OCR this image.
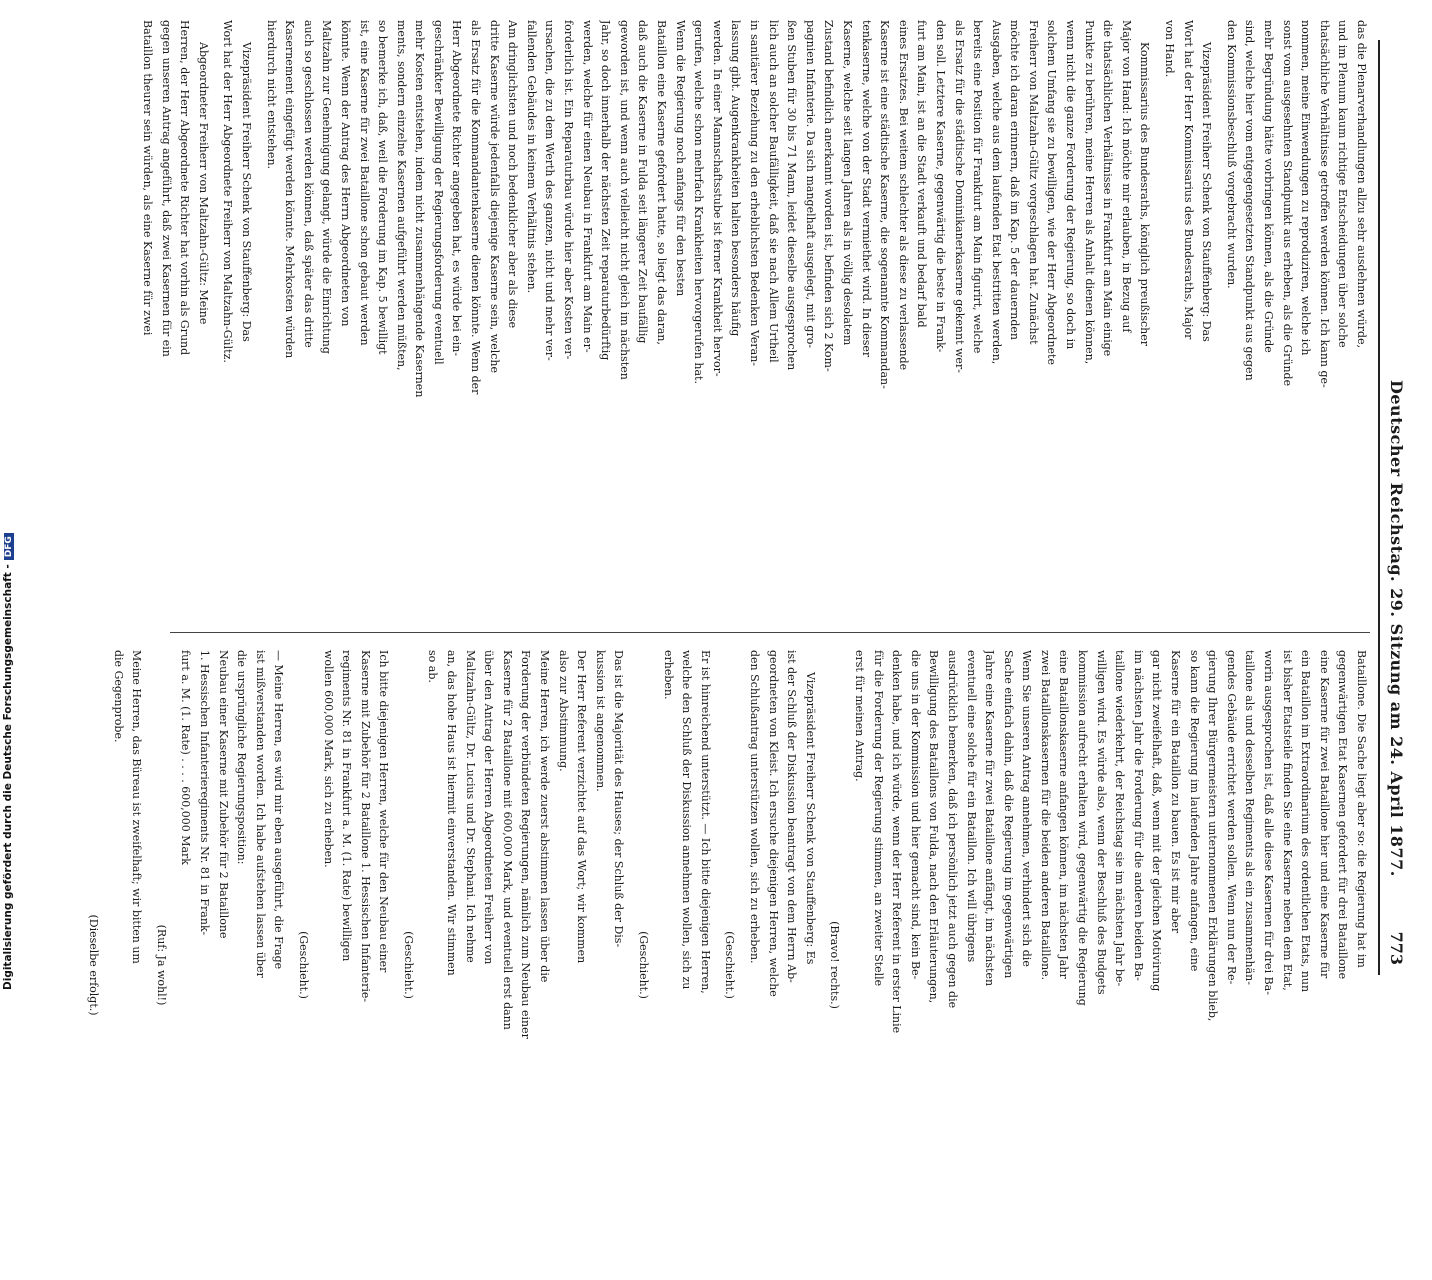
Digitalisierung gefördert durch die Deutsche Forschungsgemeinschaft -DFG	Deutscher Reichstag. 29. Sitzung am 24. April 1877.
773
das die Plenarverhandlungen allzu sehr ausdehnen würde,
und im Plenum kaum richtige Entscheidungen über solche
thatsächliche Verhältnisse getroffen werden können. Ich kann ge-
nommen, meine Einwendungen zu reproduziren, welche ich
sonst vom ausgesehnten Standpunkt aus erheben, als die Gründe
mehr Begründung hätte vorbringen können, als die Gründe
sind, welche hier vom entgegengesetzten Standpunkt aus gegen
den Kommissionsbeschluß vorgebracht wurden.
Vizepräsident Freiherr Schenk von Stauffenberg: Das
Wort hat der Herr Kommissarius des Bundesraths, Major
von Hand.
Kommissarius des Bundesraths, königlich preußischer
Major von Hand: Ich möchte mir erlauben, in Bezug auf
die thatsächlichen Verhältnisse in Frankfurt am Main einige
Punkte zu berühren, meine Herren als Anhalt dienen können,
wenn nicht die ganze Forderung der Regierung, so doch in
solchem Umfang sie zu bewilligen, wie der Herr Abgeordnete
Freiherr von Maltzahn-Gültz vorgeschlagen hat. Zunächst
möchte ich daran erinnern, daß im Kap. 5 der dauernden
Ausgaben, welche aus dem laufenden Etat bestritten werden,
bereits eine Position für Frankfurt am Main figurirt, welche
als Ersatz für die städtische Dominikanerkaserne gekennt wer-
den soll. Letztere Kaserne, gegenwärtig die beste in Frank-
furt am Main, ist an die Stadt verkauft und bedarf bald
eines Ersatzes. Bei weitem schlechter als diese zu verlassende
Kaserne ist eine städtische Kaserne, die sogenannte Kommandan-
tenkaserne, welche von der Stadt vermiethet wird. In dieser
Kaserne, welche seit langen Jahren als in völlig desolatem
Zustand befindlich anerkannt worden ist, befinden sich 2 Kom-
pagnien Infanterie. Da sich mangelhaft ausgelegt, mit gro-
ßen Stuben für 30 bis 71 Mann, leidet dieselbe ausgesprochen
lich auch an solcher Baufälligkeit, daß sie nach Allem Urtheil
in sanitärer Beziehung zu den erheblichsten Bedenken Veran-
lassung gibt. Augenkrankheiten halten besonders häufig
werden. In einer Mannschaftsstube ist ferner Krankheit hervor-
gerufen, welche schon mehrfach Krankheiten hervorgerufen hat.
Wenn die Regierung noch anfangs für den besten
Bataillon eine Kaserne gefordert hatte, so liegt das daran,
daß auch die Kaserne in Fulda seit längerer Zeit baufällig
geworden ist, und wenn auch vielleicht nicht gleich im nächsten
Jahr, so doch innerhalb der nächsten Zeit reparaturbedürftig
werden, welche für einen Neubau in Frankfurt am Main er-
forderlich ist. Ein Reparaturbau würde hier aber Kosten ver-
ursachen, die zu dem Werth des ganzen, nicht und mehr ver-
fallenden Gebäudes in keinem Verhältnis stehen.
Am dringlichsten und noch bedenklicher aber als diese
dritte Kaserne würde jedenfalls diejenige Kaserne sein, welche
als Ersatz für die Kommandantenkaserne dienen könnte. Wenn der
Herr Abgeordnete Richter angegeben hat, es würde bei ein-
geschränkter Bewilligung der Regierungsforderung eventuell
mehr Kosten entstehen, indem nicht zusammenhängende Kasernen
ments, sondern einzelne Kasernen aufgeführt werden müßten,
so bemerke ich, daß, weil die Forderung im Kap. 5 bewilligt
ist, eine Kaserne für zwei Bataillone schon gebaut werden
könnte. Wenn der Antrag des Herrn Abgeordneten von
Maltzahn zur Genehmigung gelangt, würde die Einrichtung
auch so geschlossen werden können, daß später das dritte
Kasernement eingefügt werden könnte. Mehrkosten würden
hierdurch nicht entstehen.
Vizepräsident Freiherr Schenk von Stauffenberg: Das
Wort hat der Herr Abgeordnete Freiherr von Maltzahn-Gültz.
Abgeordneter Freiherr von Maltzahn-Gültz: Meine
Herren, der Herr Abgeordnete Richter hat vorhin als Grund
gegen unseren Antrag angeführt, daß zwei Kasernen für ein
Bataillon theurer sein würden, als eine Kaserne für zwei
Bataillone. Die Sache liegt aber so: die Regierung hat im
gegenwärtigen Etat Kasernen gefordert für drei Bataillone
eine Kaserne für zwei Bataillone hier und eine Kaserne für
ein Bataillon im Extraordinarium des ordentlichen Etats, nun
ist bisher Etatsteile finden Sie eine Kaserne neben dem Etat,
worin ausgesprochen ist, daß alle diese Kasernen für drei Ba-
taillone als und desselben Regiments als ein zusammenhän-
gendes Gebäude errichtet werden sollen. Wenn nun der Re-
gierung Ihrer Bürgermeistern unternommenen Erklärungen blieb,
so kann die Regierung im laufenden Jahre anfangen, eine
Kaserne für ein Bataillon zu bauen. Es ist mir aber
gar nicht zweifelhaft, daß, wenn mit der gleichen Motivirung
im nächsten Jahr die Forderung für die anderen beiden Ba-
taillone wiederkehrt, der Reichstag sie im nächsten Jahr be-
willigen wird. Es würde also, wenn der Beschluß des Budgets
kommission aufrecht erhalten wird, gegenwärtig die Regierung
eine Bataillonskaserne anfangen können, im nächsten Jahr
zwei Bataillonskasernen für die beiden anderen Bataillone.
Wenn Sie unseren Antrag annehmen, verhindert sich die
Sache einfach dahin, daß die Regierung im gegenwärtigen
Jahre eine Kaserne für zwei Bataillone anfängt, im nächsten
eventuell eine solche für ein Bataillon. Ich will übrigens
ausdrücklich bemerken, daß ich persönlich jetzt auch gegen die
Bewilligung des Bataillons von Fulda, nach den Erläuterungen,
die uns in der Kommission und hier gemacht sind, kein Be-
denken habe, und ich würde, wenn der Herr Referent in erster Linie
für die Forderung der Regierung stimmen, an zweiter Stelle
erst für meinen Antrag.
(Bravo! rechts.)
Vizepräsident Freiherr Schenk von Stauffenberg: Es
ist der Schluß der Diskussion beantragt von dem Herrn Ab-
geordneten von Kleist. Ich ersuche diejenigen Herren, welche
den Schlußantrag unterstützen wollen, sich zu erheben.
(Geschieht.)
Er ist hinreichend unterstützt. — Ich bitte diejenigen Herren,
welche den Schluß der Diskussion annehmen wollen, sich zu
erheben.
(Geschieht.)
Das ist die Majorität des Hauses; der Schluß der Dis-
kussion ist angenommen.
Der Herr Referent verzichtet auf das Wort; wir kommen
also zur Abstimmung.
Meine Herren, ich werde zuerst abstimmen lassen über die
Forderung der verbündeten Regierungen, nämlich zum Neubau einer
Kaserne für 2 Bataillone mit 600,000 Mark, und eventuell erst dann
über den Antrag der Herren Abgeordneten Freiherr von
Maltzahn-Gültz, Dr. Lucius und Dr. Stephani. Ich nehme
an, das hohe Haus ist hiermit einverstanden. Wir stimmen
so ab.
(Geschieht.)
Ich bitte diejenigen Herren, welche für den Neubau einer
Kaserne mit Zubehör für 2 Bataillone 1. Hessischen Infanterie-
regiments Nr. 81 in Frankfurt a. M. (1. Rate) bewilligen
wollen 600,000 Mark, sich zu erheben.
(Geschieht.)
— Meine Herren, es wird mir eben ausgeführt, die Frage
ist mißverstanden worden. Ich habe aufstehen lassen über
die ursprüngliche Regierungsposition:
Neubau einer Kaserne mit Zubehör für 2 Bataillone
1. Hessischen Infanterieregiments Nr. 81 in Frank-
furt a. M. (1. Rate) . . . . 600,000 Mark
(Ruf: Ja wohl!)
Meine Herren, das Büreau ist zweifelhaft; wir bitten um
die Gegenprobe.
(Dieselbe erfolgt.)
